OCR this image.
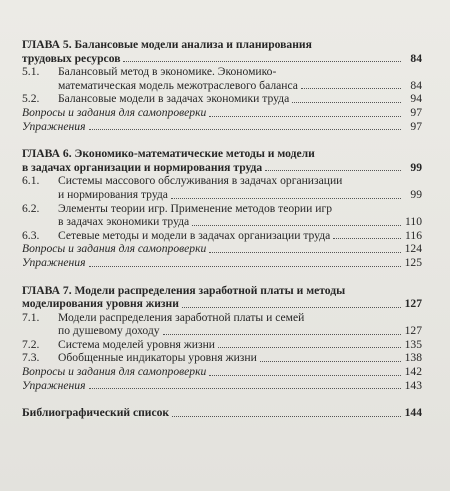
ГЛАВА 5. Балансовые модели анализа и планирования
трудовых ресурсов	84
5.1.	Балансовый метод в экономике. Экономико-
математическая модель межотраслевого баланса	84
5.2.	Балансовые модели в задачах экономики труда	94
Вопросы и задания для самопроверки	97
Упражнения	97
ГЛАВА 6. Экономико-математические методы и модели
в задачах организации и нормирования труда	99
6.1.	Системы массового обслуживания в задачах организации
и нормирования труда	99
6.2.	Элементы теории игр. Применение методов теории игр
в задачах экономики труда	110
6.3.	Сетевые методы и модели в задачах организации труда	116
Вопросы и задания для самопроверки	124
Упражнения	125
ГЛАВА 7. Модели распределения заработной платы и методы
моделирования уровня жизни	127
7.1.	Модели распределения заработной платы и семей
по душевому доходу	127
7.2.	Система моделей уровня жизни	135
7.3.	Обобщенные индикаторы уровня жизни	138
Вопросы и задания для самопроверки	142
Упражнения	143
Библиографический список	144
